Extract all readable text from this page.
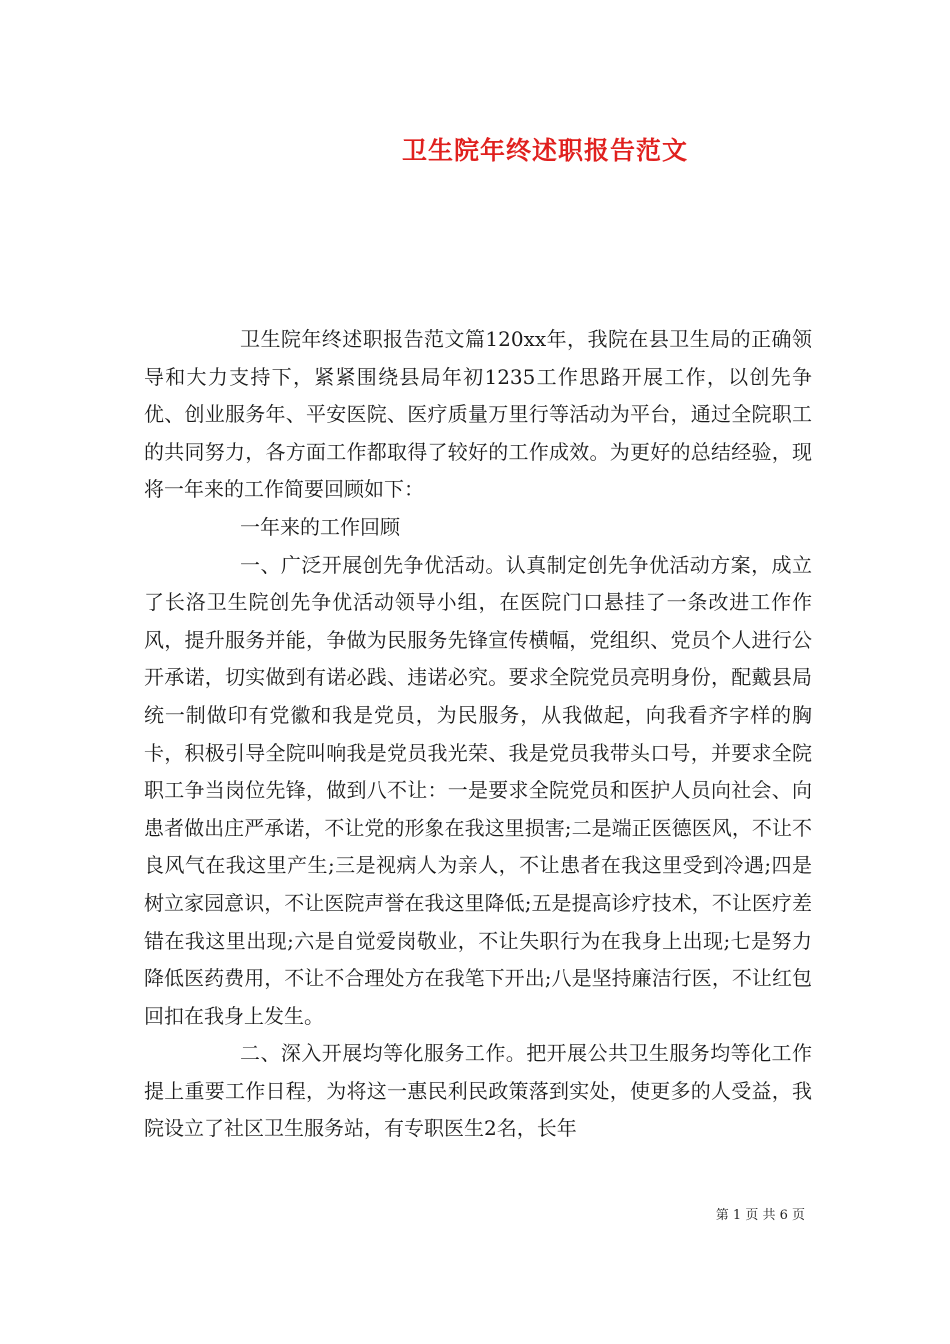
卫生院年终述职报告范文

卫生院年终述职报告范文篇120xx年，我院在县卫生局的正确领导和大力支持下，紧紧围绕县局年初1235工作思路开展工作，以创先争优、创业服务年、平安医院、医疗质量万里行等活动为平台，通过全院职工的共同努力，各方面工作都取得了较好的工作成效。为更好的总结经验，现将一年来的工作简要回顾如下：

一年来的工作回顾

一、广泛开展创先争优活动。认真制定创先争优活动方案，成立了长洛卫生院创先争优活动领导小组，在医院门口悬挂了一条改进工作作风，提升服务并能，争做为民服务先锋宣传横幅，党组织、党员个人进行公开承诺，切实做到有诺必践、违诺必究。要求全院党员亮明身份，配戴县局统一制做印有党徽和我是党员，为民服务，从我做起，向我看齐字样的胸卡，积极引导全院叫响我是党员我光荣、我是党员我带头口号，并要求全院职工争当岗位先锋，做到八不让：一是要求全院党员和医护人员向社会、向患者做出庄严承诺，不让党的形象在我这里损害;二是端正医德医风，不让不良风气在我这里产生;三是视病人为亲人，不让患者在我这里受到冷遇;四是树立家园意识，不让医院声誉在我这里降低;五是提高诊疗技术，不让医疗差错在我这里出现;六是自觉爱岗敬业，不让失职行为在我身上出现;七是努力降低医药费用，不让不合理处方在我笔下开出;八是坚持廉洁行医，不让红包回扣在我身上发生。

二、深入开展均等化服务工作。把开展公共卫生服务均等化工作提上重要工作日程，为将这一惠民利民政策落到实处，使更多的人受益，我院设立了社区卫生服务站，有专职医生2名，长年

第 1 页 共 6 页
